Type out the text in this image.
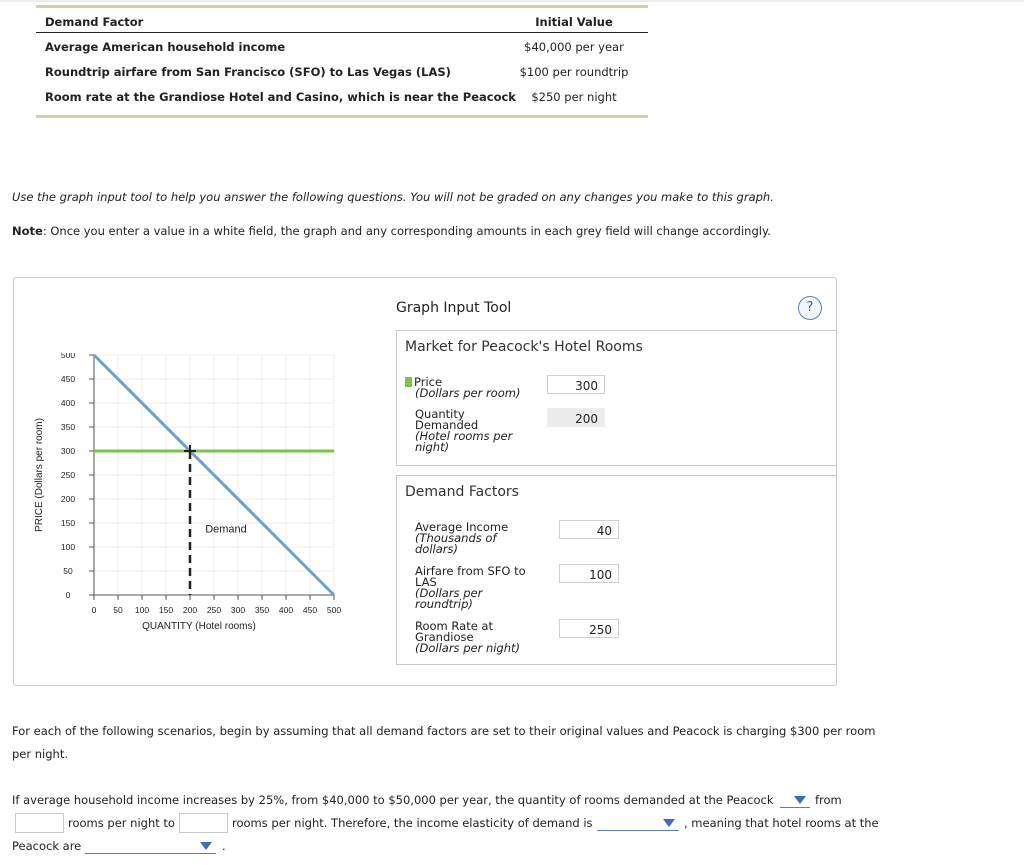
Demand Factor	Initial Value
Average American household income	$40,000 per year
Roundtrip airfare from San Francisco (SFO) to Las Vegas (LAS)	$100 per roundtrip
Room rate at the Grandiose Hotel and Casino, which is near the Peacock	$250 per night
Use the graph input tool to help you answer the following questions. You will not be graded on any changes you make to this graph.
Note: Once you enter a value in a white field, the graph and any corresponding amounts in each grey field will change accordingly.
0 50 100 150 200 250 300 350 400 450 500
0
50
100
150
200
250
300
350
400
450
500
QUANTITY (Hotel rooms)
PRICE (Dollars per room)	Demand
Graph Input Tool	?
Market for Peacock's Hotel Rooms
Price
(Dollars per room)	300
Quantity
Demanded
(Hotel rooms per
night)
200
Demand Factors
Average Income
(Thousands of
dollars)
40
Airfare from SFO to
LAS
(Dollars per
roundtrip)
100
Room Rate at
Grandiose
(Dollars per night)
250
For each of the following scenarios, begin by assuming that all demand factors are set to their original values and Peacock is charging $300 per room
per night.
If average household income increases by 25%, from $40,000 to $50,000 per year, the quantity of rooms demanded at the Peacock	from
rooms per night to	rooms per night. Therefore, the income elasticity of demand is	, meaning that hotel rooms at the
Peacock are	.
